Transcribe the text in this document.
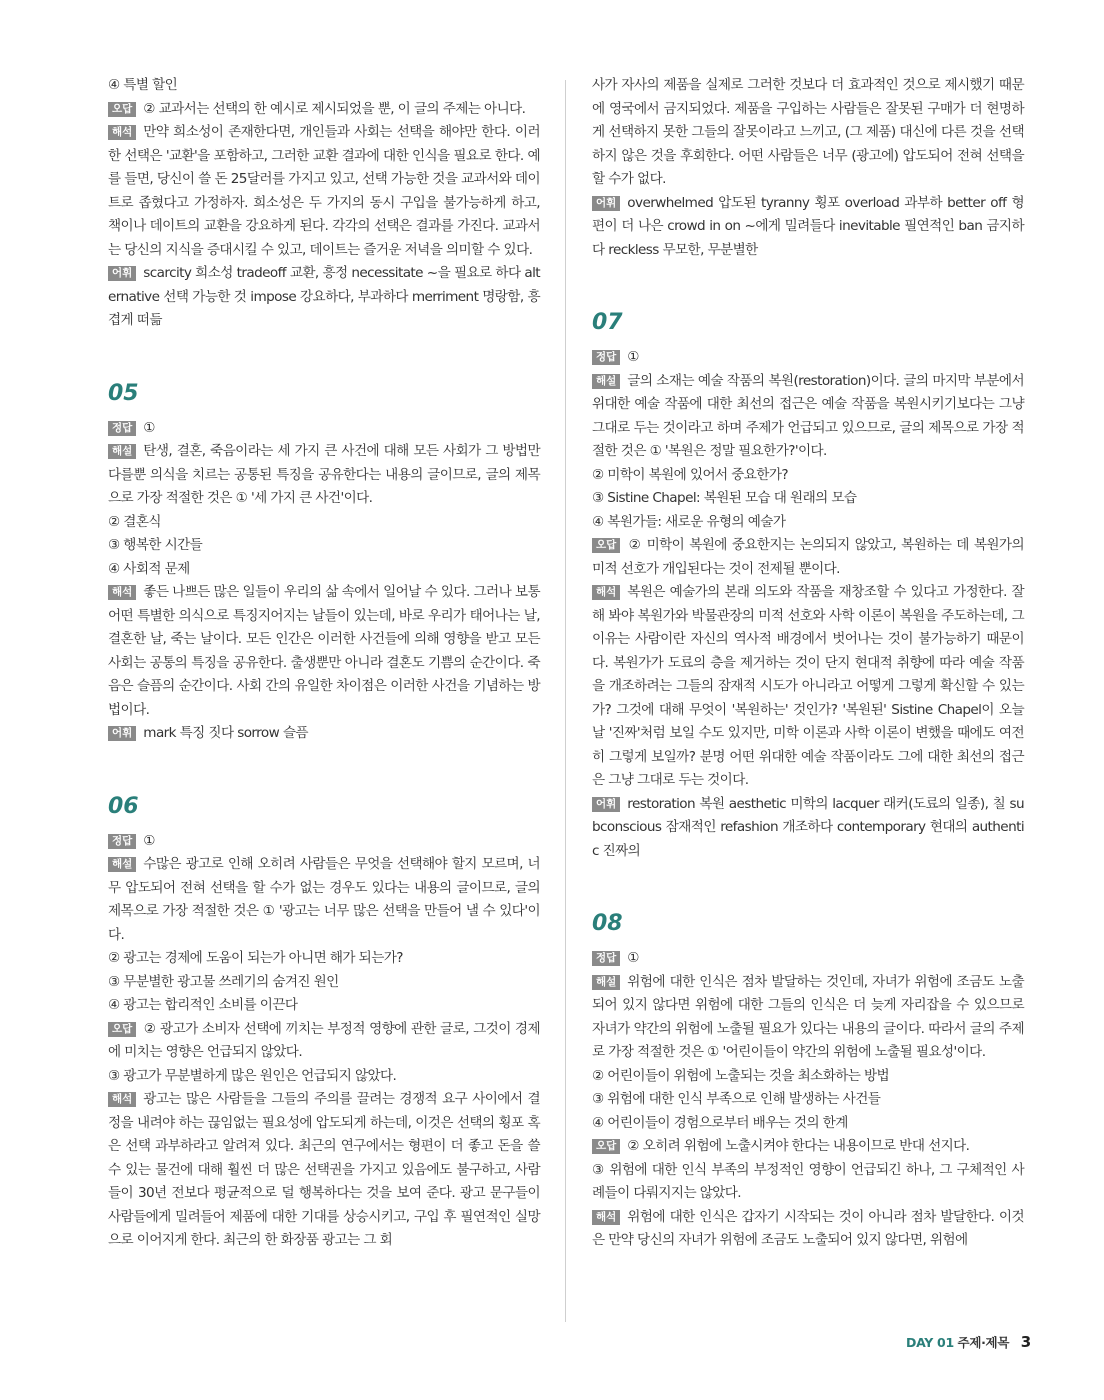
④ 특별 할인

오답 ② 교과서는 선택의 한 예시로 제시되었을 뿐, 이 글의 주제는 아니다.

해석 만약 희소성이 존재한다면, 개인들과 사회는 선택을 해야만 한다. 이러한 선택은 '교환'을 포함하고, 그러한 교환 결과에 대한 인식을 필요로 한다. 예를 들면, 당신이 쓸 돈 25달러를 가지고 있고, 선택 가능한 것을 교과서와 데이트로 좁혔다고 가정하자. 희소성은 두 가지의 동시 구입을 불가능하게 하고, 책이나 데이트의 교환을 강요하게 된다. 각각의 선택은 결과를 가진다. 교과서는 당신의 지식을 증대시킬 수 있고, 데이트는 즐거운 저녁을 의미할 수 있다.

어휘 scarcity 희소성 tradeoff 교환, 흥정 necessitate ~을 필요로 하다 alternative 선택 가능한 것 impose 강요하다, 부과하다 merriment 명랑함, 흥겹게 떠듦

05

정답 ①

해설 탄생, 결혼, 죽음이라는 세 가지 큰 사건에 대해 모든 사회가 그 방법만 다를뿐 의식을 치르는 공통된 특징을 공유한다는 내용의 글이므로, 글의 제목으로 가장 적절한 것은 ① '세 가지 큰 사건'이다.

② 결혼식

③ 행복한 시간들

④ 사회적 문제

해석 좋든 나쁘든 많은 일들이 우리의 삶 속에서 일어날 수 있다. 그러나 보통 어떤 특별한 의식으로 특징지어지는 날들이 있는데, 바로 우리가 태어나는 날, 결혼한 날, 죽는 날이다. 모든 인간은 이러한 사건들에 의해 영향을 받고 모든 사회는 공통의 특징을 공유한다. 출생뿐만 아니라 결혼도 기쁨의 순간이다. 죽음은 슬픔의 순간이다. 사회 간의 유일한 차이점은 이러한 사건을 기념하는 방법이다.

어휘 mark 특징 짓다 sorrow 슬픔

06

정답 ①

해설 수많은 광고로 인해 오히려 사람들은 무엇을 선택해야 할지 모르며, 너무 압도되어 전혀 선택을 할 수가 없는 경우도 있다는 내용의 글이므로, 글의 제목으로 가장 적절한 것은 ① '광고는 너무 많은 선택을 만들어 낼 수 있다'이다.

② 광고는 경제에 도움이 되는가 아니면 해가 되는가?

③ 무분별한 광고물 쓰레기의 숨겨진 원인

④ 광고는 합리적인 소비를 이끈다

오답 ② 광고가 소비자 선택에 끼치는 부정적 영향에 관한 글로, 그것이 경제에 미치는 영향은 언급되지 않았다.

③ 광고가 무분별하게 많은 원인은 언급되지 않았다.

해석 광고는 많은 사람들을 그들의 주의를 끌려는 경쟁적 요구 사이에서 결정을 내려야 하는 끊임없는 필요성에 압도되게 하는데, 이것은 선택의 횡포 혹은 선택 과부하라고 알려져 있다. 최근의 연구에서는 형편이 더 좋고 돈을 쓸 수 있는 물건에 대해 훨씬 더 많은 선택권을 가지고 있음에도 불구하고, 사람들이 30년 전보다 평균적으로 덜 행복하다는 것을 보여 준다. 광고 문구들이 사람들에게 밀려들어 제품에 대한 기대를 상승시키고, 구입 후 필연적인 실망으로 이어지게 한다. 최근의 한 화장품 광고는 그 회

사가 자사의 제품을 실제로 그러한 것보다 더 효과적인 것으로 제시했기 때문에 영국에서 금지되었다. 제품을 구입하는 사람들은 잘못된 구매가 더 현명하게 선택하지 못한 그들의 잘못이라고 느끼고, (그 제품) 대신에 다른 것을 선택하지 않은 것을 후회한다. 어떤 사람들은 너무 (광고에) 압도되어 전혀 선택을 할 수가 없다.

어휘 overwhelmed 압도된 tyranny 횡포 overload 과부하 better off 형편이 더 나은 crowd in on ~에게 밀려들다 inevitable 필연적인 ban 금지하다 reckless 무모한, 무분별한

07

정답 ①

해설 글의 소재는 예술 작품의 복원(restoration)이다. 글의 마지막 부분에서 위대한 예술 작품에 대한 최선의 접근은 예술 작품을 복원시키기보다는 그냥 그대로 두는 것이라고 하며 주제가 언급되고 있으므로, 글의 제목으로 가장 적절한 것은 ① '복원은 정말 필요한가?'이다.

② 미학이 복원에 있어서 중요한가?

③ Sistine Chapel: 복원된 모습 대 원래의 모습

④ 복원가들: 새로운 유형의 예술가

오답 ② 미학이 복원에 중요한지는 논의되지 않았고, 복원하는 데 복원가의 미적 선호가 개입된다는 것이 전제될 뿐이다.

해석 복원은 예술가의 본래 의도와 작품을 재창조할 수 있다고 가정한다. 잘해 봐야 복원가와 박물관장의 미적 선호와 사학 이론이 복원을 주도하는데, 그 이유는 사람이란 자신의 역사적 배경에서 벗어나는 것이 불가능하기 때문이다. 복원가가 도료의 층을 제거하는 것이 단지 현대적 취향에 따라 예술 작품을 개조하려는 그들의 잠재적 시도가 아니라고 어떻게 그렇게 확신할 수 있는가? 그것에 대해 무엇이 '복원하는' 것인가? '복원된' Sistine Chapel이 오늘날 '진짜'처럼 보일 수도 있지만, 미학 이론과 사학 이론이 변했을 때에도 여전히 그렇게 보일까? 분명 어떤 위대한 예술 작품이라도 그에 대한 최선의 접근은 그냥 그대로 두는 것이다.

어휘 restoration 복원 aesthetic 미학의 lacquer 래커(도료의 일종), 칠 subconscious 잠재적인 refashion 개조하다 contemporary 현대의 authentic 진짜의

08

정답 ①

해설 위험에 대한 인식은 점차 발달하는 것인데, 자녀가 위험에 조금도 노출되어 있지 않다면 위험에 대한 그들의 인식은 더 늦게 자리잡을 수 있으므로 자녀가 약간의 위험에 노출될 필요가 있다는 내용의 글이다. 따라서 글의 주제로 가장 적절한 것은 ① '어린이들이 약간의 위험에 노출될 필요성'이다.

② 어린이들이 위험에 노출되는 것을 최소화하는 방법

③ 위험에 대한 인식 부족으로 인해 발생하는 사건들

④ 어린이들이 경험으로부터 배우는 것의 한계

오답 ② 오히려 위험에 노출시켜야 한다는 내용이므로 반대 선지다.

③ 위험에 대한 인식 부족의 부정적인 영향이 언급되긴 하나, 그 구체적인 사례들이 다뤄지지는 않았다.

해석 위험에 대한 인식은 갑자기 시작되는 것이 아니라 점차 발달한다. 이것은 만약 당신의 자녀가 위험에 조금도 노출되어 있지 않다면, 위험에

DAY 01 주제·제목 3
